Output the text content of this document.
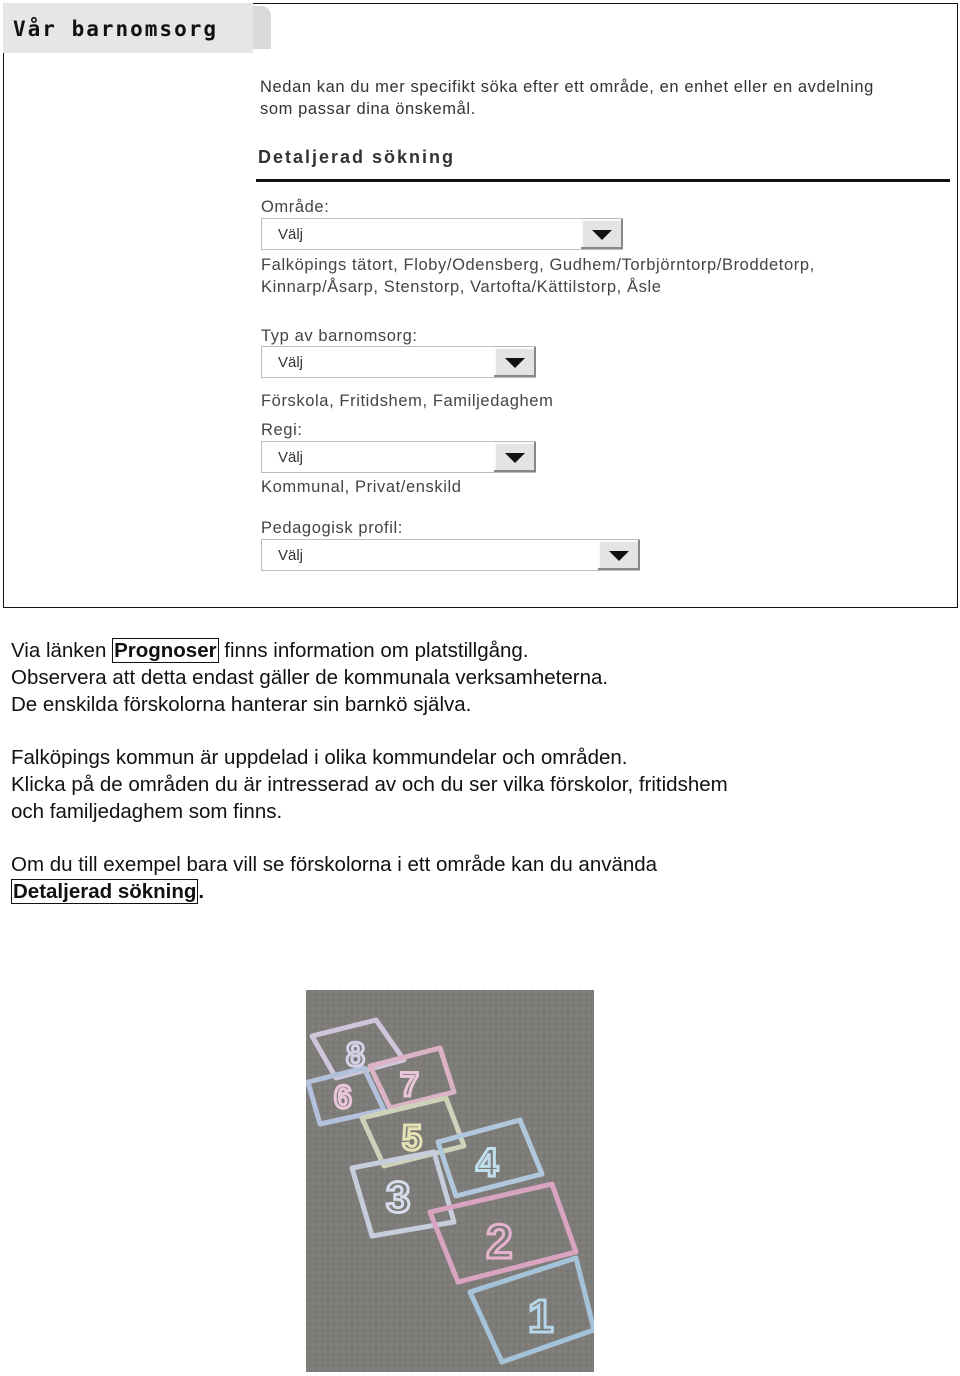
Vår barnomsorg
Nedan kan du mer specifikt söka efter ett område, en enhet eller en avdelning som passar dina önskemål.
Detaljerad sökning
Område:
Välj
Falköpings tätort, Floby/Odensberg, Gudhem/Torbjörntorp/Broddetorp,
Kinnarp/Åsarp, Stenstorp, Vartofta/Kättilstorp, Åsle
Typ av barnomsorg:
Välj
Förskola, Fritidshem, Familjedaghem
Regi:
Välj
Kommunal, Privat/enskild
Pedagogisk profil:
Välj
Via länken Prognoser finns information om platstillgång.
Observera att detta endast gäller de kommunala verksamheterna.
De enskilda förskolorna hanterar sin barnkö själva.
Falköpings kommun är uppdelad i olika kommundelar och områden.
Klicka på de områden du är intresserad av och du ser vilka förskolor, fritidshem
och familjedaghem som finns.
Om du till exempel bara vill se förskolorna i ett område kan du använda
Detaljerad sökning.
8
6 7
5
3
4
2
1
